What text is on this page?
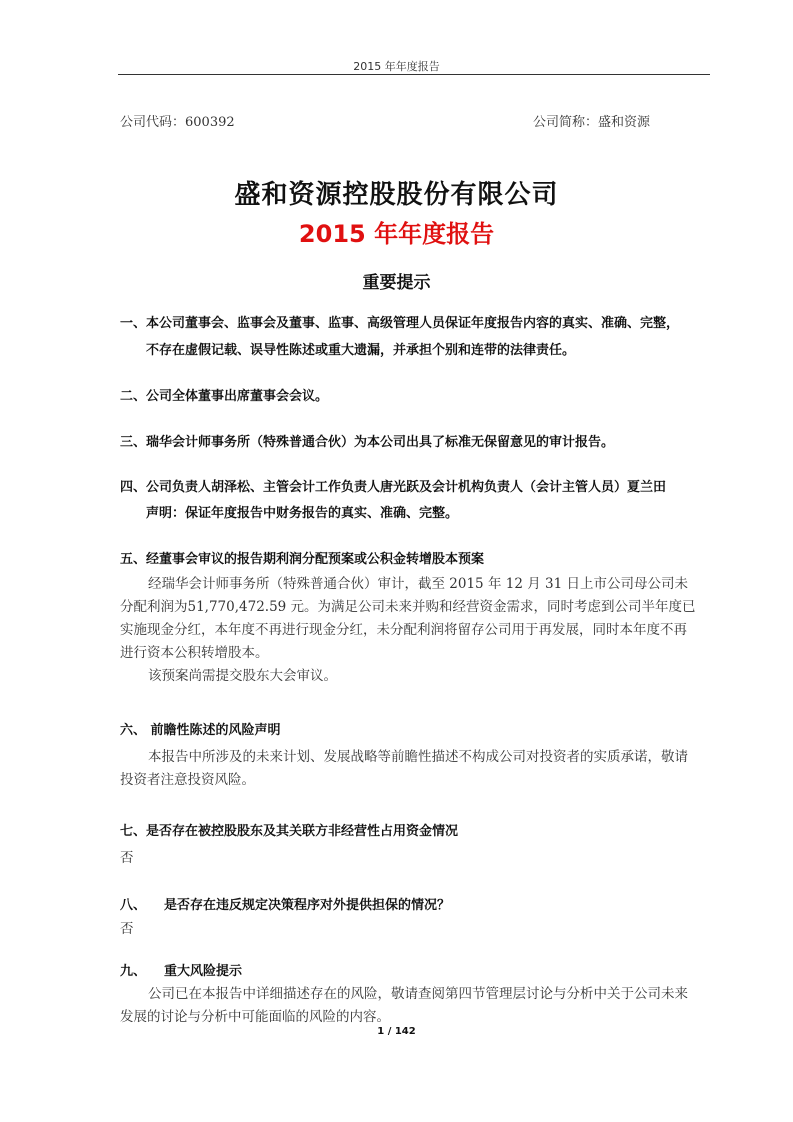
2015 年年度报告
公司代码：600392	公司简称：盛和资源
盛和资源控股股份有限公司
2015 年年度报告
重要提示
一、本公司董事会、监事会及董事、监事、高级管理人员保证年度报告内容的真实、准确、完整，
不存在虚假记载、误导性陈述或重大遗漏，并承担个别和连带的法律责任。
二、公司全体董事出席董事会会议。
三、瑞华会计师事务所（特殊普通合伙）为本公司出具了标准无保留意见的审计报告。
四、公司负责人胡泽松、主管会计工作负责人唐光跃及会计机构负责人（会计主管人员）夏兰田
声明：保证年度报告中财务报告的真实、准确、完整。
五、经董事会审议的报告期利润分配预案或公积金转增股本预案
经瑞华会计师事务所（特殊普通合伙）审计，截至 2015 年 12 月 31 日上市公司母公司未
分配利润为51,770,472.59 元。为满足公司未来并购和经营资金需求，同时考虑到公司半年度已
实施现金分红，本年度不再进行现金分红，未分配利润将留存公司用于再发展，同时本年度不再
进行资本公积转增股本。
该预案尚需提交股东大会审议。
六、 前瞻性陈述的风险声明
本报告中所涉及的未来计划、发展战略等前瞻性描述不构成公司对投资者的实质承诺，敬请
投资者注意投资风险。
七、是否存在被控股股东及其关联方非经营性占用资金情况
否
八、 是否存在违反规定决策程序对外提供担保的情况？
否
九、 重大风险提示
公司已在本报告中详细描述存在的风险，敬请查阅第四节管理层讨论与分析中关于公司未来
发展的讨论与分析中可能面临的风险的内容。
1 / 142
